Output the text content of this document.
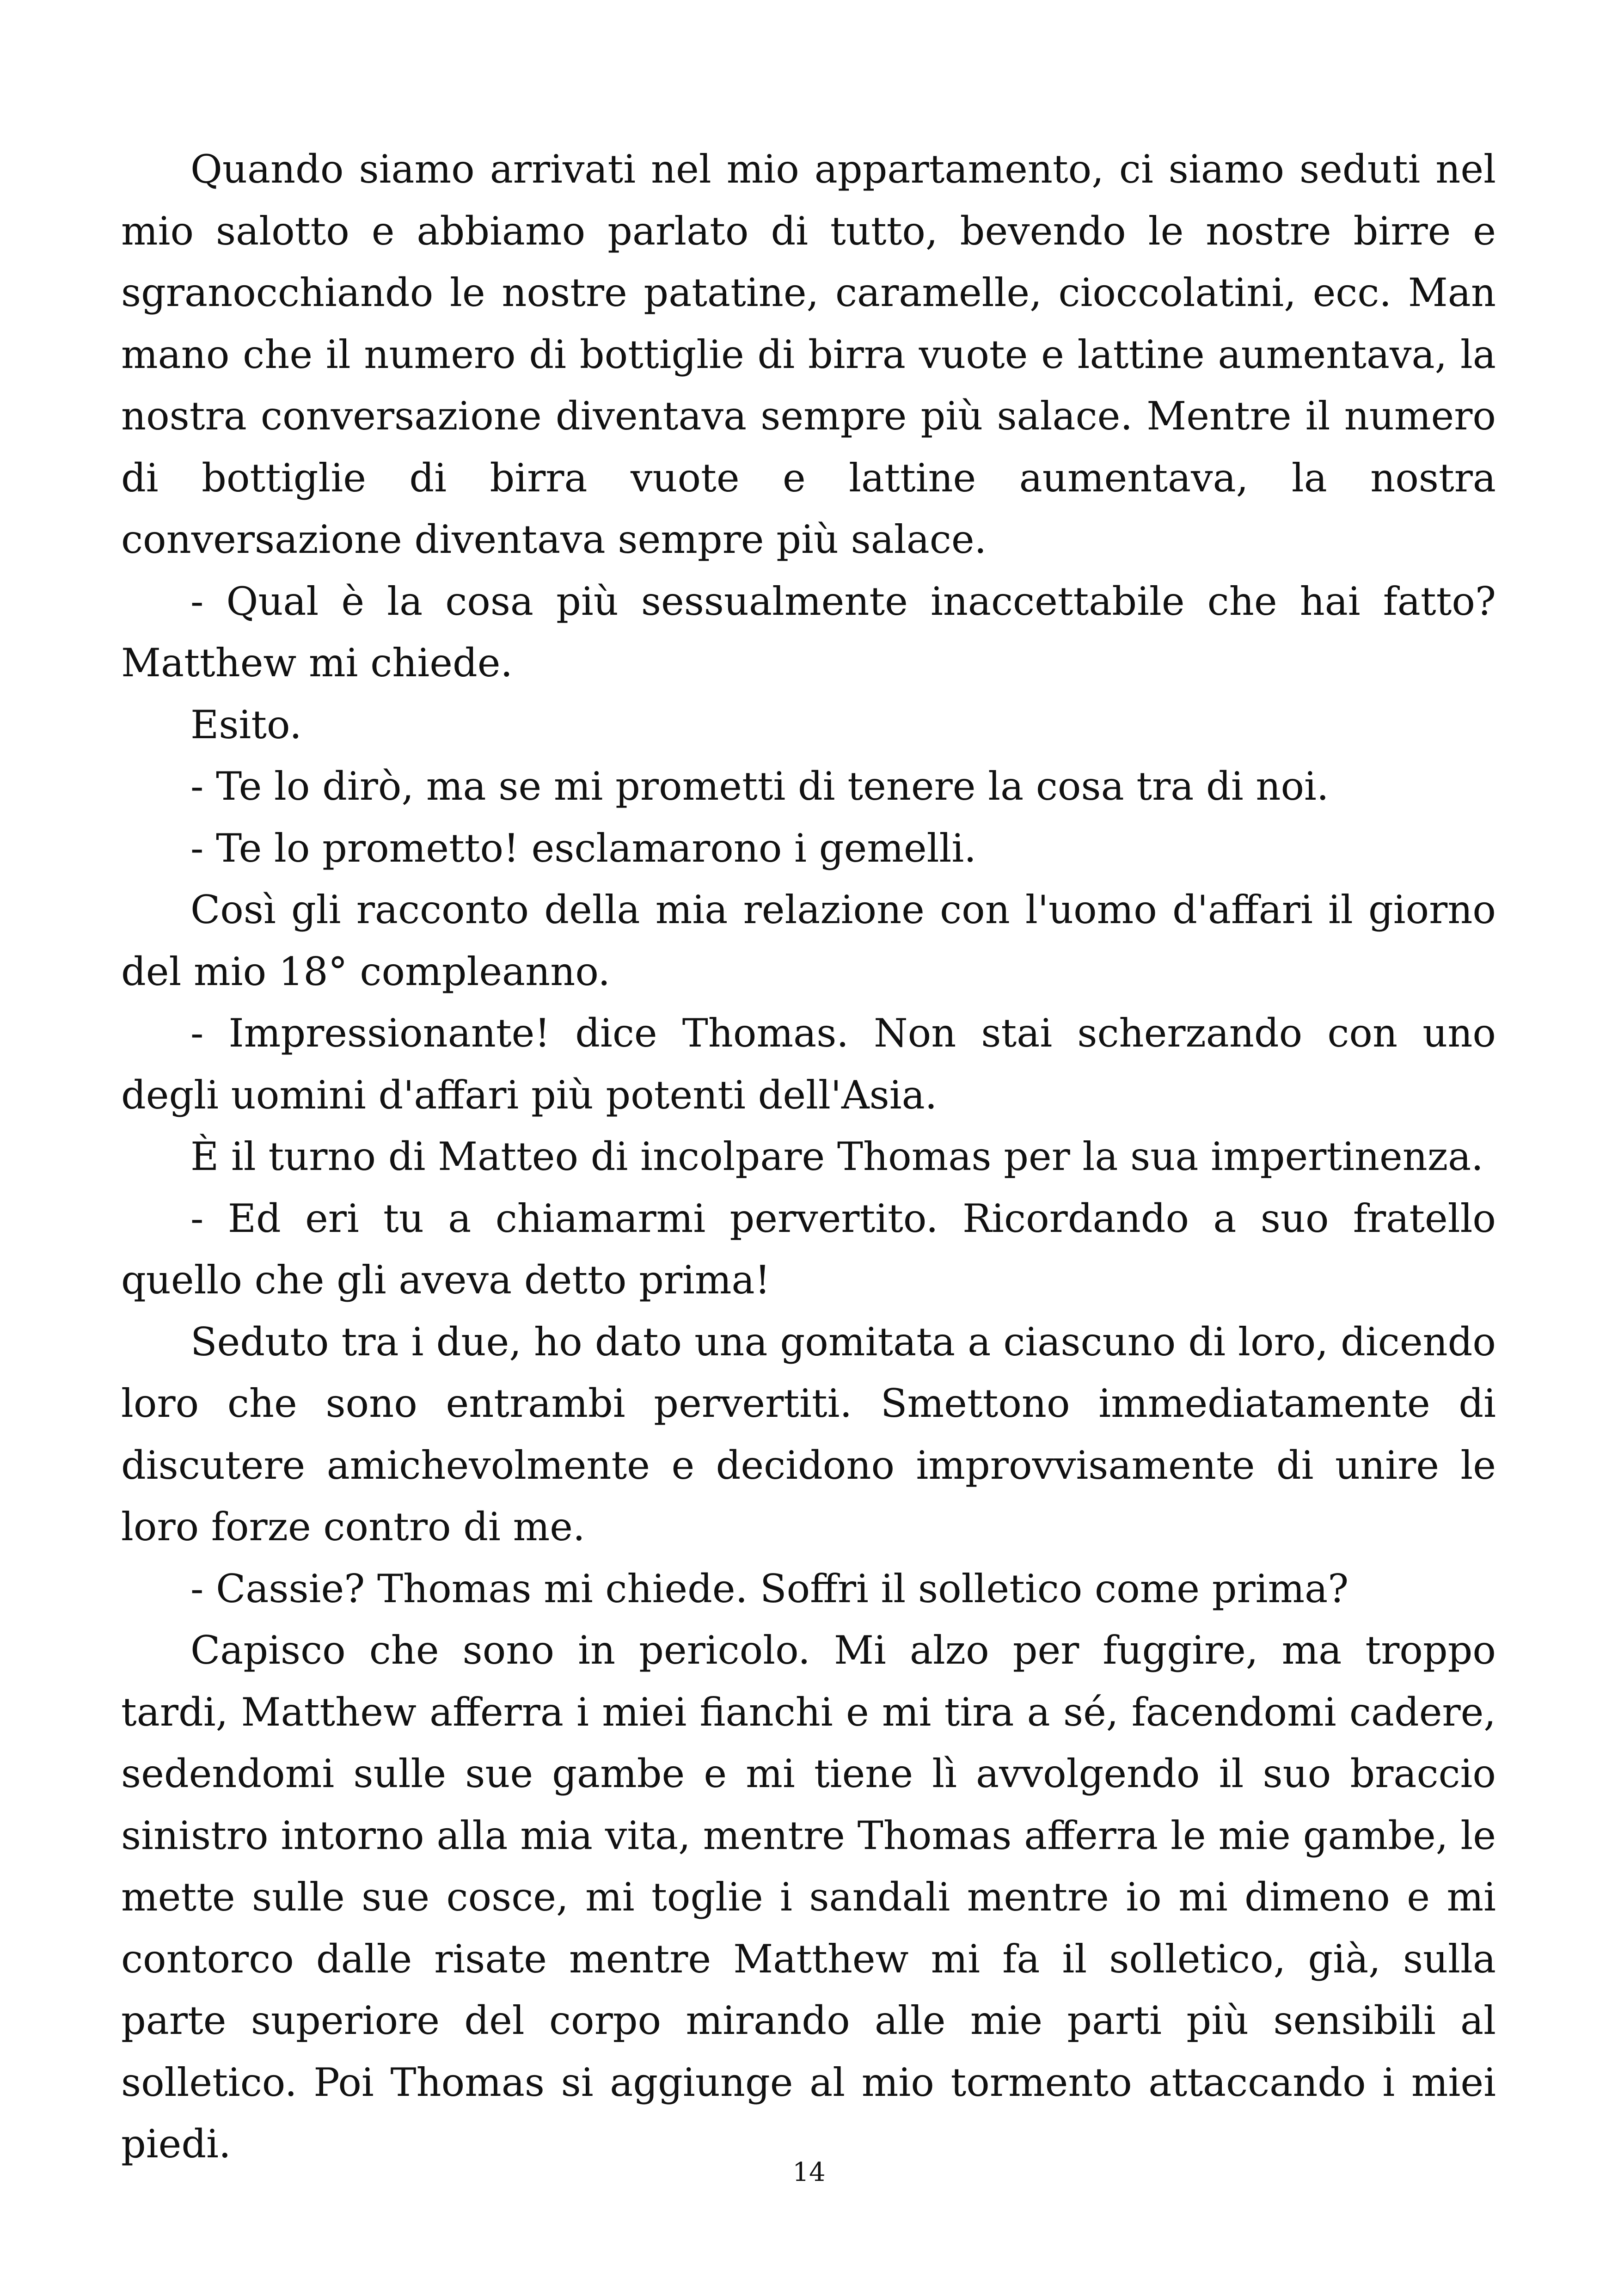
Quando siamo arrivati nel mio appartamento, ci siamo seduti nel mio salotto e abbiamo parlato di tutto, bevendo le nostre birre e sgranocchiando le nostre patatine, caramelle, cioccolatini, ecc. Man mano che il numero di bottiglie di birra vuote e lattine aumentava, la nostra conversazione diventava sempre più salace. Mentre il numero di bottiglie di birra vuote e lattine aumentava, la nostra conversazione diventava sempre più salace.

- Qual è la cosa più sessualmente inaccettabile che hai fatto? Matthew mi chiede.

Esito.

- Te lo dirò, ma se mi prometti di tenere la cosa tra di noi.

- Te lo prometto! esclamarono i gemelli.

Così gli racconto della mia relazione con l'uomo d'affari il giorno del mio 18° compleanno.

- Impressionante! dice Thomas. Non stai scherzando con uno degli uomini d'affari più potenti dell'Asia.

È il turno di Matteo di incolpare Thomas per la sua impertinenza.

- Ed eri tu a chiamarmi pervertito. Ricordando a suo fratello quello che gli aveva detto prima!

Seduto tra i due, ho dato una gomitata a ciascuno di loro, dicendo loro che sono entrambi pervertiti. Smettono immediatamente di discutere amichevolmente e decidono improvvisamente di unire le loro forze contro di me.

- Cassie? Thomas mi chiede. Soffri il solletico come prima?

Capisco che sono in pericolo. Mi alzo per fuggire, ma troppo tardi, Matthew afferra i miei fianchi e mi tira a sé, facendomi cadere, sedendomi sulle sue gambe e mi tiene lì avvolgendo il suo braccio sinistro intorno alla mia vita, mentre Thomas afferra le mie gambe, le mette sulle sue cosce, mi toglie i sandali mentre io mi dimeno e mi contorco dalle risate mentre Matthew mi fa il solletico, già, sulla parte superiore del corpo mirando alle mie parti più sensibili al solletico. Poi Thomas si aggiunge al mio tormento attaccando i miei piedi.

14
